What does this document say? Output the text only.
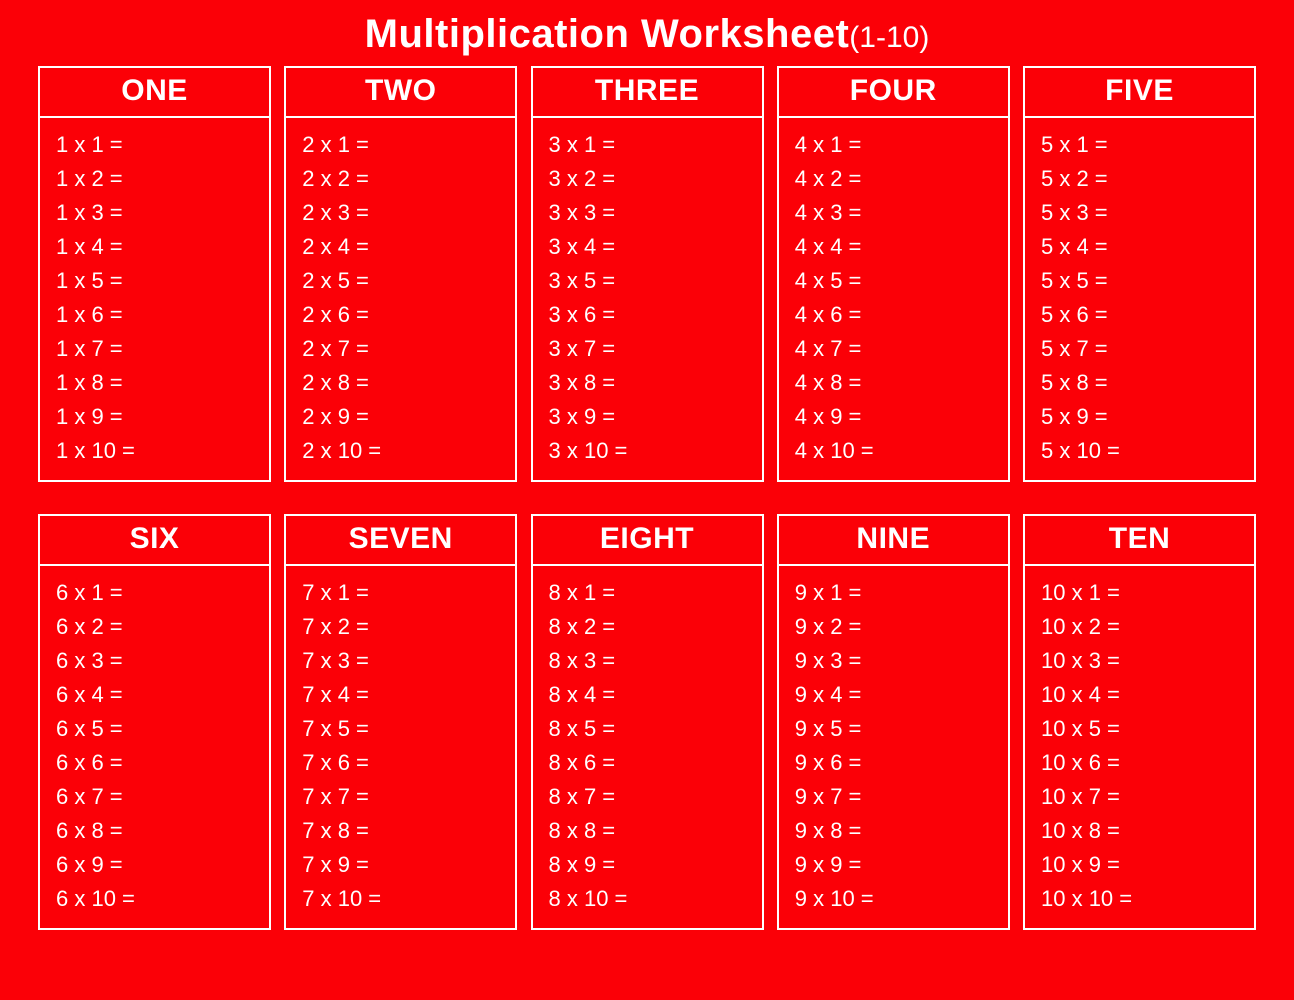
Multiplication Worksheet(1-10)
ONE
1 x 1 =
1 x 2 =
1 x 3 =
1 x 4 =
1 x 5 =
1 x 6 =
1 x 7 =
1 x 8 =
1 x 9 =
1 x 10 =
TWO
2 x 1 =
2 x 2 =
2 x 3 =
2 x 4 =
2 x 5 =
2 x 6 =
2 x 7 =
2 x 8 =
2 x 9 =
2 x 10 =
THREE
3 x 1 =
3 x 2 =
3 x 3 =
3 x 4 =
3 x 5 =
3 x 6 =
3 x 7 =
3 x 8 =
3 x 9 =
3 x 10 =
FOUR
4 x 1 =
4 x 2 =
4 x 3 =
4 x 4 =
4 x 5 =
4 x 6 =
4 x 7 =
4 x 8 =
4 x 9 =
4 x 10 =
FIVE
5 x 1 =
5 x 2 =
5 x 3 =
5 x 4 =
5 x 5 =
5 x 6 =
5 x 7 =
5 x 8 =
5 x 9 =
5 x 10 =
SIX
6 x 1 =
6 x 2 =
6 x 3 =
6 x 4 =
6 x 5 =
6 x 6 =
6 x 7 =
6 x 8 =
6 x 9 =
6 x 10 =
SEVEN
7 x 1 =
7 x 2 =
7 x 3 =
7 x 4 =
7 x 5 =
7 x 6 =
7 x 7 =
7 x 8 =
7 x 9 =
7 x 10 =
EIGHT
8 x 1 =
8 x 2 =
8 x 3 =
8 x 4 =
8 x 5 =
8 x 6 =
8 x 7 =
8 x 8 =
8 x 9 =
8 x 10 =
NINE
9 x 1 =
9 x 2 =
9 x 3 =
9 x 4 =
9 x 5 =
9 x 6 =
9 x 7 =
9 x 8 =
9 x 9 =
9 x 10 =
TEN
10 x 1 =
10 x 2 =
10 x 3 =
10 x 4 =
10 x 5 =
10 x 6 =
10 x 7 =
10 x 8 =
10 x 9 =
10 x 10 =
